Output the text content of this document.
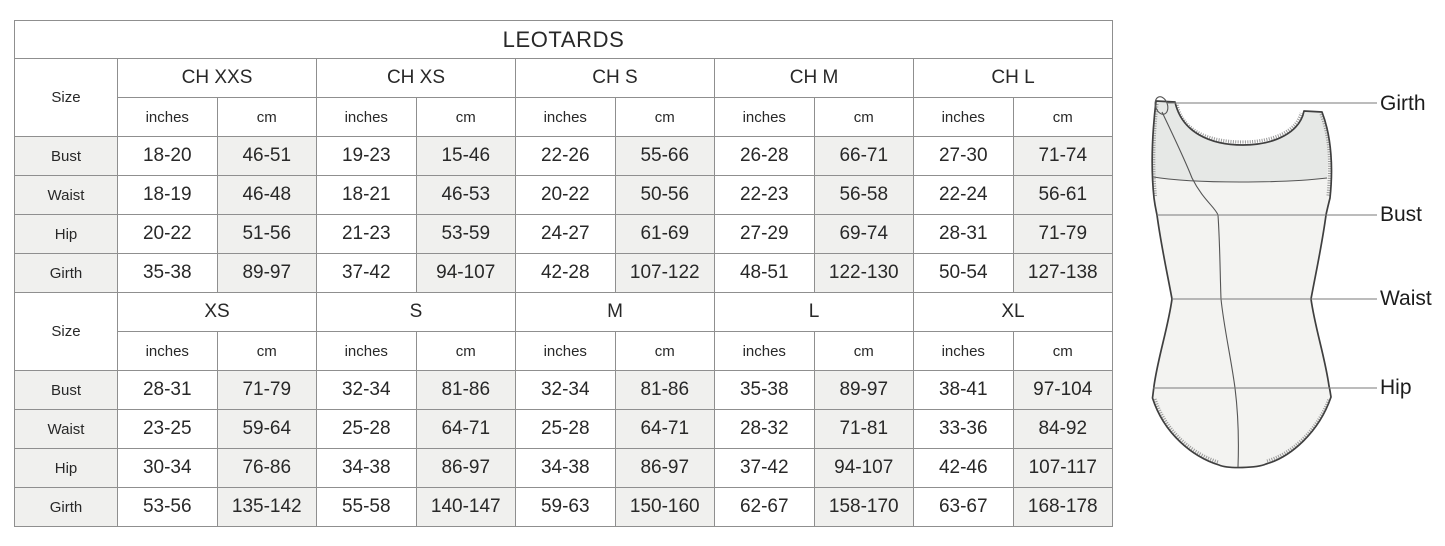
LEOTARDS										
Size	CH XXS		CH XS		CH S		CH M		CH L	
	inches	cm	inches	cm	inches	cm	inches	cm	inches	cm
Bust	18-20	46-51	19-23	15-46	22-26	55-66	26-28	66-71	27-30	71-74
Waist	18-19	46-48	18-21	46-53	20-22	50-56	22-23	56-58	22-24	56-61
Hip	20-22	51-56	21-23	53-59	24-27	61-69	27-29	69-74	28-31	71-79
Girth	35-38	89-97	37-42	94-107	42-28	107-122	48-51	122-130	50-54	127-138
Size	XS		S		M		L		XL	
	inches	cm	inches	cm	inches	cm	inches	cm	inches	cm
Bust	28-31	71-79	32-34	81-86	32-34	81-86	35-38	89-97	38-41	97-104
Waist	23-25	59-64	25-28	64-71	25-28	64-71	28-32	71-81	33-36	84-92
Hip	30-34	76-86	34-38	86-97	34-38	86-97	37-42	94-107	42-46	107-117
Girth	53-56	135-142	55-58	140-147	59-63	150-160	62-67	158-170	63-67	168-178
Girth
Bust
Waist
Hip
